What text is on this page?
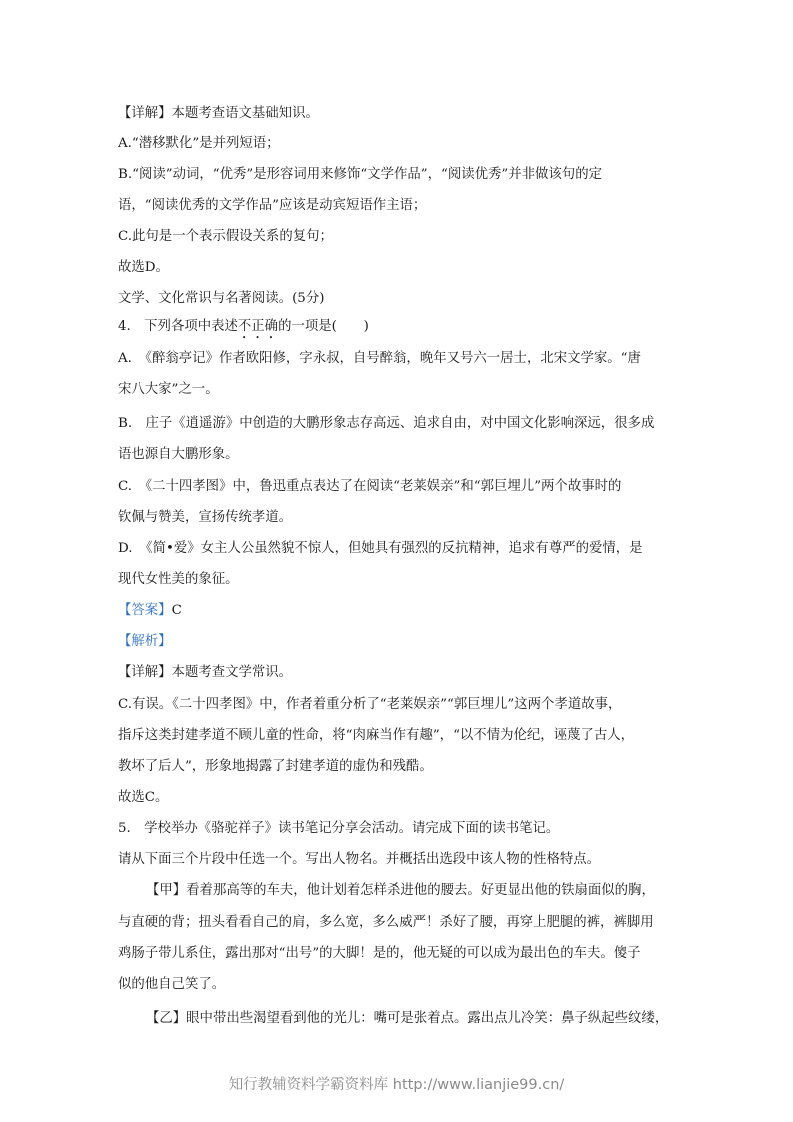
【详解】本题考查语文基础知识。
A.“潜移默化”是并列短语；
B.“阅读”动词，“优秀”是形容词用来修饰“文学作品”，“阅读优秀”并非做该句的定
语，“阅读优秀的文学作品”应该是动宾短语作主语；
C.此句是一个表示假设关系的复句；
故选D。
文学、文化常识与名著阅读。(5分)
4.　下列各项中表述不正确的一项是(　　)
A.　《醉翁亭记》作者欧阳修，字永叔，自号醉翁，晚年又号六一居士，北宋文学家。“唐
宋八大家”之一。
B.　庄子《逍遥游》中创造的大鹏形象志存高远、追求自由，对中国文化影响深远，很多成
语也源自大鹏形象。
C.　《二十四孝图》中，鲁迅重点表达了在阅读“老莱娱亲”和“郭巨埋儿”两个故事时的
钦佩与赞美，宣扬传统孝道。
D.　《简•爱》女主人公虽然貌不惊人，但她具有强烈的反抗精神，追求有尊严的爱情，是
现代女性美的象征。
【答案】C
【解析】
【详解】本题考查文学常识。
C.有误。《二十四孝图》中，作者着重分析了“老莱娱亲”“郭巨埋儿”这两个孝道故事，
指斥这类封建孝道不顾儿童的性命，将“肉麻当作有趣”，“以不情为伦纪，诬蔑了古人，
教坏了后人”，形象地揭露了封建孝道的虚伪和残酷。
故选C。
5.　学校举办《骆驼祥子》读书笔记分享会活动。请完成下面的读书笔记。
请从下面三个片段中任选一个。写出人物名。并概括出选段中该人物的性格特点。
【甲】看着那高等的车夫，他计划着怎样杀进他的腰去。好更显出他的铁扇面似的胸，
与直硬的背；扭头看看自己的肩，多么宽，多么威严！杀好了腰，再穿上肥腿的裤，裤脚用
鸡肠子带儿系住，露出那对“出号”的大脚！是的，他无疑的可以成为最出色的车夫。傻子
似的他自己笑了。
【乙】眼中带出些渴望看到他的光儿：嘴可是张着点。露出点儿冷笑：鼻子纵起些纹缕，
知行教辅资料学霸资料库 http://www.lianjie99.cn/
